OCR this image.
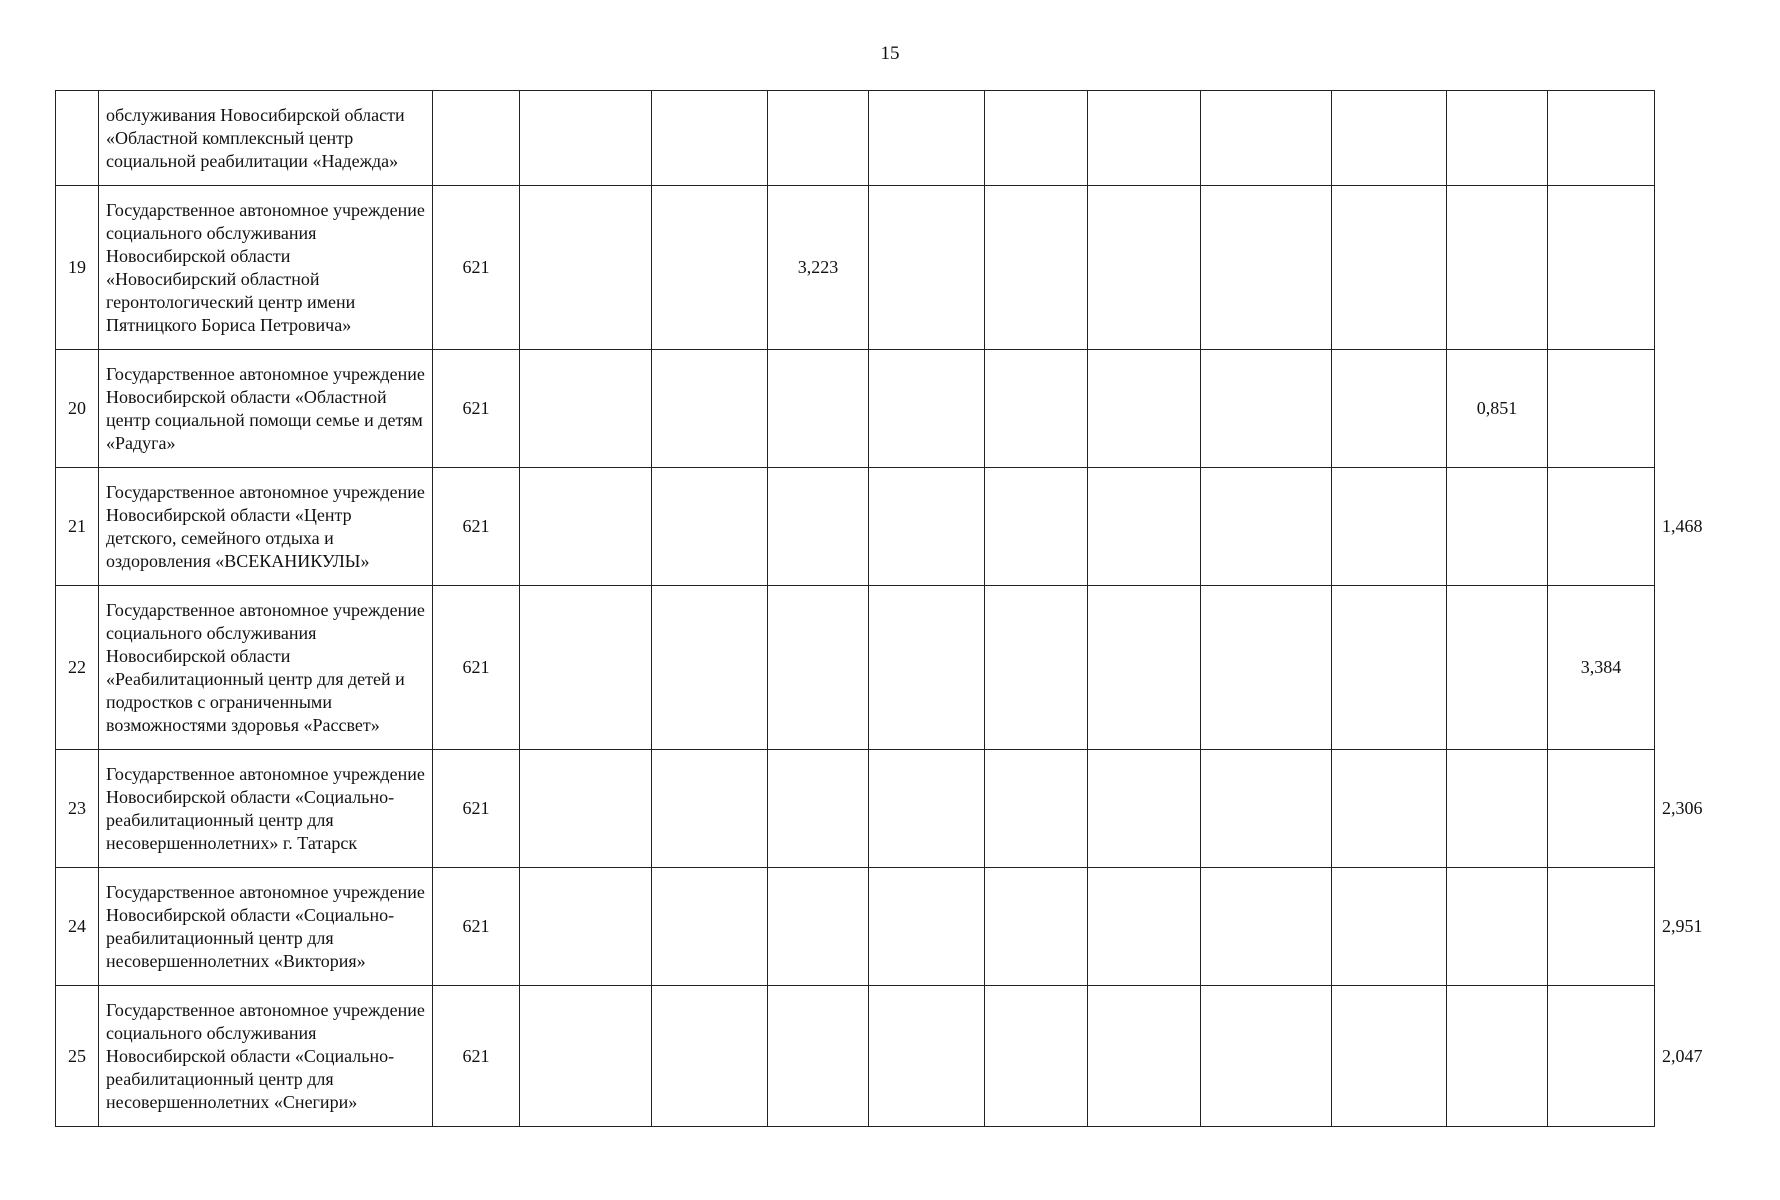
15
	обслуживания Новосибирской области «Областной комплексный центр социальной реабилитации «Надежда»												
19	Государственное автономное учреждение социального обслуживания Новосибирской области «Новосибирский областной геронтологический центр имени Пятницкого Бориса Петровича»	621			3,223								
20	Государственное автономное учреждение Новосибирской области «Областной центр социальной помощи семье и детям «Радуга»	621									0,851		
21	Государственное автономное учреждение Новосибирской области «Центр детского, семейного отдыха и оздоровления «ВСЕКАНИКУЛЫ»	621											1,468
22	Государственное автономное учреждение социального обслуживания Новосибирской области «Реабилитационный центр для детей и подростков с ограниченными возможностями здоровья «Рассвет»	621										3,384	
23	Государственное автономное учреждение Новосибирской области «Социально-реабилитационный центр для несовершеннолетних» г. Татарск	621											2,306
24	Государственное автономное учреждение Новосибирской области «Социально-реабилитационный центр для несовершеннолетних «Виктория»	621											2,951
25	Государственное автономное учреждение социального обслуживания Новосибирской области «Социально-реабилитационный центр для несовершеннолетних «Снегири»	621											2,047
